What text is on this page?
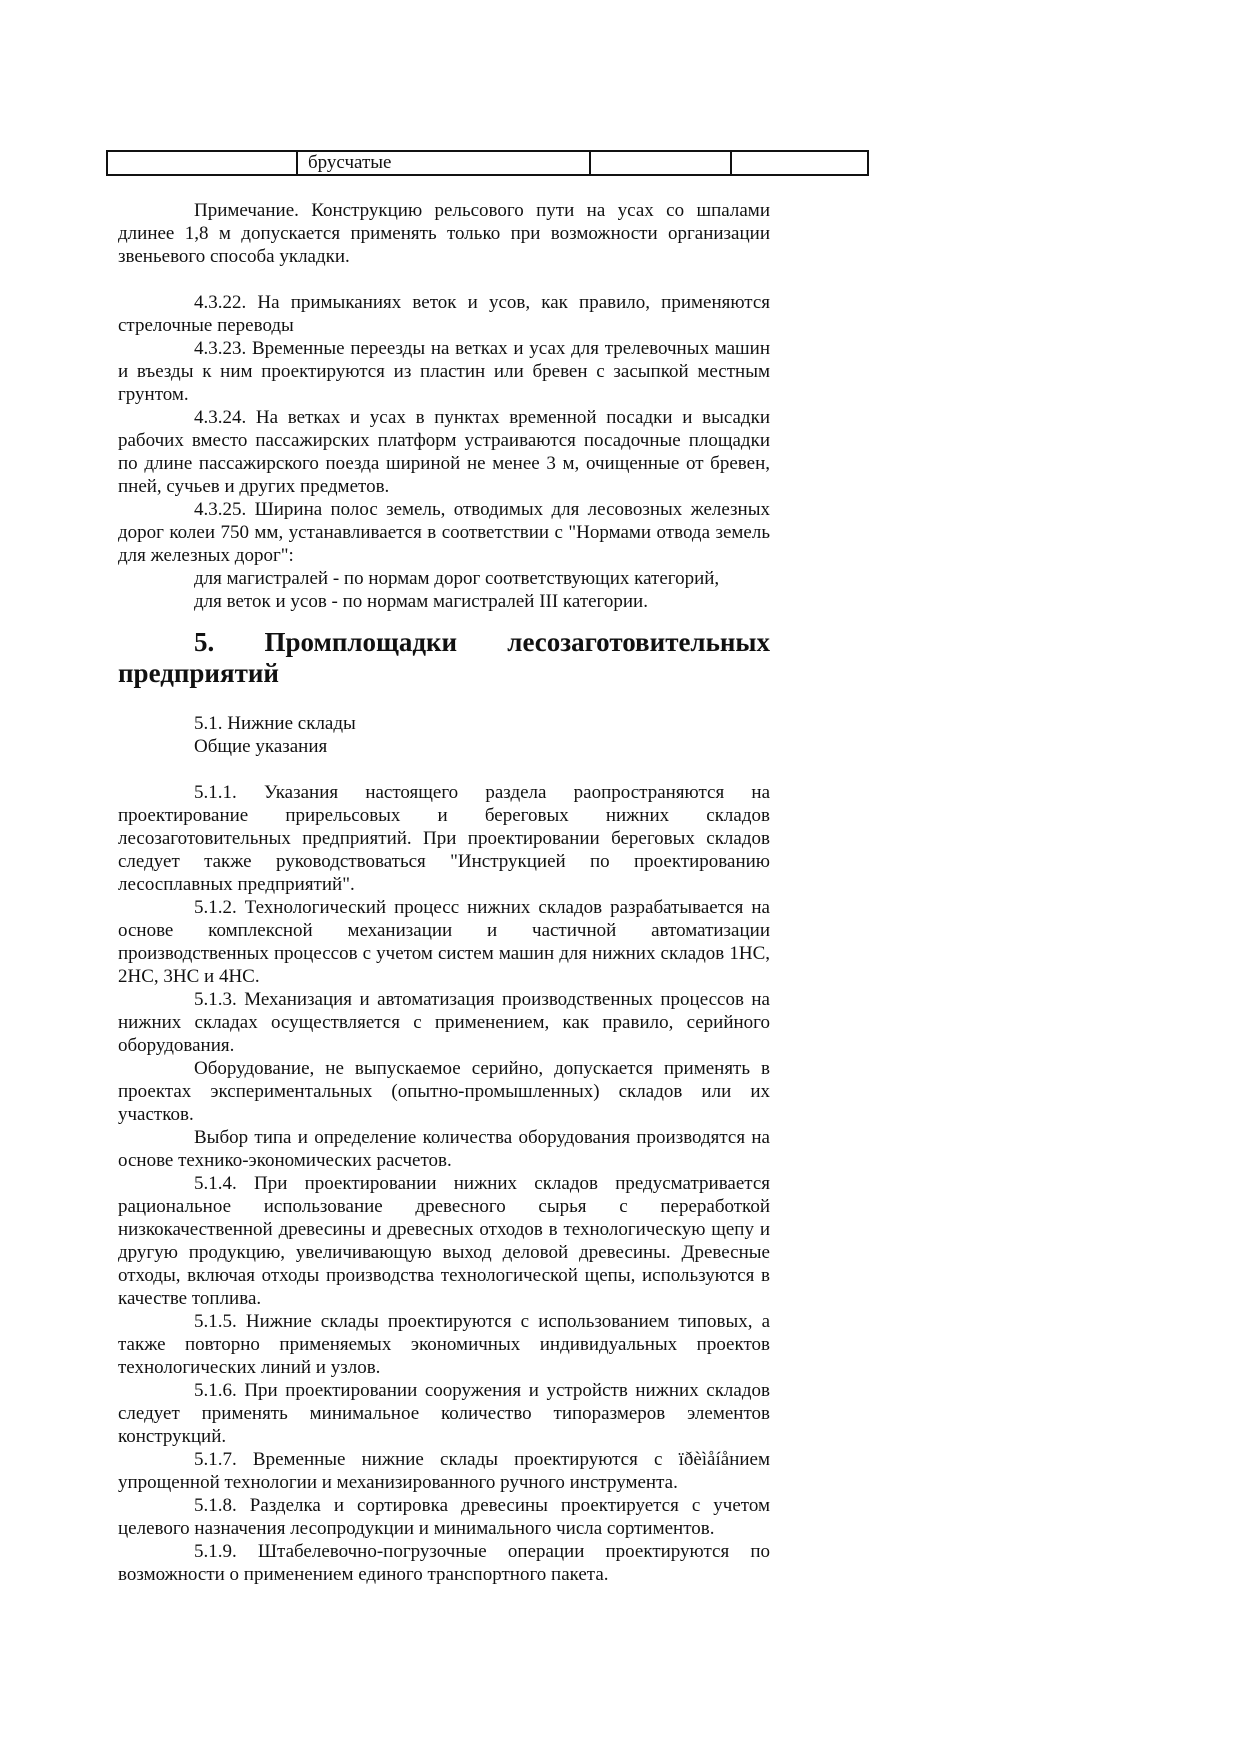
	брусчатые		

Примечание. Конструкцию рельсового пути на усах со шпалами длинее 1,8 м допускается применять только при возможности организации звеньевого способа укладки.

4.3.22. На примыканиях веток и усов, как правило, применяются стрелочные переводы

4.3.23. Временные переезды на ветках и усах для трелевочных машин и въезды к ним проектируются из пластин или бревен с засыпкой местным грунтом.

4.3.24. На ветках и усах в пунктах временной посадки и высадки рабочих вместо пассажирских платформ устраиваются посадочные площадки по длине пассажирского поезда шириной не менее 3 м, очищенные от бревен, пней, сучьев и других предметов.

4.3.25. Ширина полос земель, отводимых для лесовозных железных дорог колеи 750 мм, устанавливается в соответствии с "Нормами отвода земель для железных дорог":

для магистралей - по нормам дорог соответствующих категорий,

для веток и усов - по нормам магистралей III категории.

5. Промплощадки лесозаготовительных предприятий

5.1. Нижние склады

Общие указания

5.1.1. Указания настоящего раздела раопространяются на проектирование прирельсовых и береговых нижних складов лесозаготовительных предприятий. При проектировании береговых складов следует также руководствоваться "Инструкцией по проектированию лесосплавных предприятий".

5.1.2. Технологический процесс нижних складов разрабатывается на основе комплексной механизации и частичной автоматизации производственных процессов с учетом систем машин для нижних складов 1НС, 2НС, 3НС и 4НС.

5.1.3. Механизация и автоматизация производственных процессов на нижних складах осуществляется с применением, как правило, серийного оборудования.

Оборудование, не выпускаемое серийно, допускается применять в проектах экспериментальных (опытно-промышленных) складов или их участков.

Выбор типа и определение количества оборудования производятся на основе технико-экономических расчетов.

5.1.4. При проектировании нижних складов предусматривается рациональное использование древесного сырья с переработкой низкокачественной древесины и древесных отходов в технологическую щепу и другую продукцию, увеличивающую выход деловой древесины. Древесные отходы, включая отходы производства технологической щепы, используются в качестве топлива.

5.1.5. Нижние склады проектируются с использованием типовых, а также повторно применяемых экономичных индивидуальных проектов технологических линий и узлов.

5.1.6. При проектировании сооружения и устройств нижних складов следует применять минимальное количество типоразмеров элементов конструкций.

5.1.7. Временные нижние склады проектируются с ïðèìåíåнием упрощенной технологии и механизированного ручного инструмента.

5.1.8. Разделка и сортировка древесины проектируется с учетом целевого назначения лесопродукции и минимального числа сортиментов.

5.1.9. Штабелевочно-погрузочные операции проектируются по возможности о применением единого транспортного пакета.
